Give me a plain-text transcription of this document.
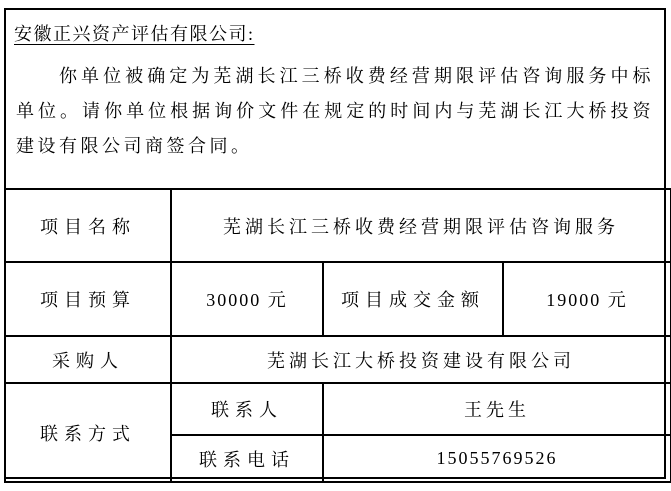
安徽正兴资产评估有限公司:
你单位被确定为芜湖长江三桥收费经营期限评估咨询服务中标单位。请你单位根据询价文件在规定的时间内与芜湖长江大桥投资建设有限公司商签合同。
项目名称	芜湖长江三桥收费经营期限评估咨询服务		
项目预算	30000 元	项目成交金额	19000 元
采购人	芜湖长江大桥投资建设有限公司		
联系方式	联系人	王先生	
	联系电话	15055769526	
